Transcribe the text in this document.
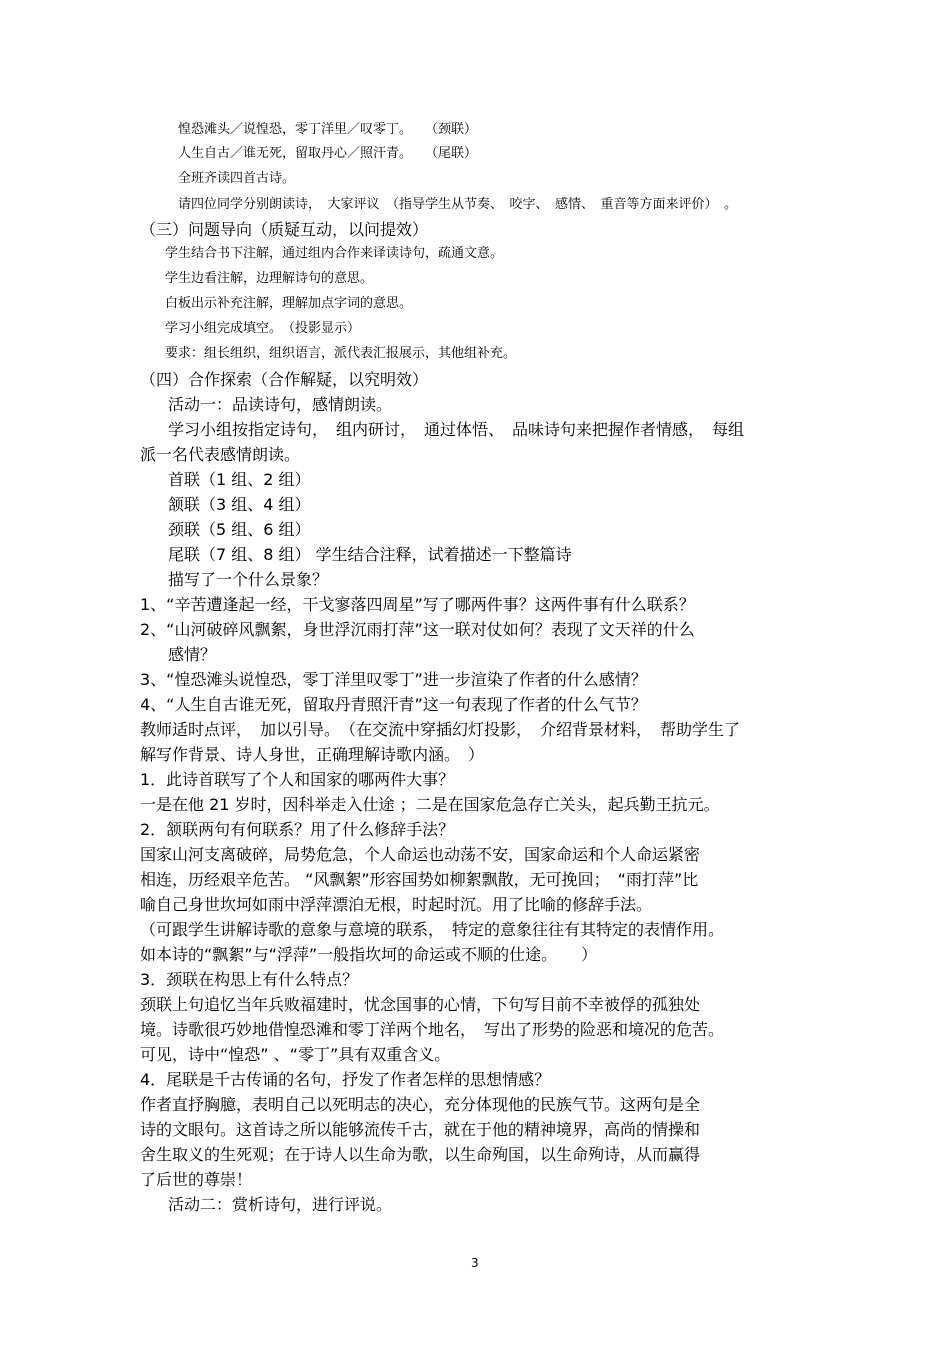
惶恐滩头／说惶恐，零丁洋里／叹零丁。　　（颈联）
人生自古／谁无死，留取丹心／照汗青。　　（尾联）
全班齐读四首古诗。
请四位同学分别朗读诗，　大家评议　（指导学生从节奏、　咬字、　感情、　重音等方面来评价）　。
（三）问题导向（质疑互动，以问提效）
学生结合书下注解，通过组内合作来译读诗句，疏通文意。
学生边看注解，边理解诗句的意思。
白板出示补充注解，理解加点字词的意思。
学习小组完成填空。　（投影显示）
要求：组长组织，组织语言，派代表汇报展示，其他组补充。
（四）合作探索（合作解疑，以究明效）
活动一：品读诗句，感情朗读。
学习小组按指定诗句，　组内研讨，　通过体悟、　品味诗句来把握作者情感，　每组
派一名代表感情朗读。
首联（1 组、2 组）
颔联（3 组、4 组）
颈联（5 组、6 组）
尾联（7 组、8 组） 学生结合注释，试着描述一下整篇诗
描写了一个什么景象？
1、“辛苦遭逢起一经，干戈寥落四周星”写了哪两件事？这两件事有什么联系？
2、“山河破碎风飘絮，身世浮沉雨打萍”这一联对仗如何？表现了文天祥的什么
感情？
3、“惶恐滩头说惶恐，零丁洋里叹零丁”进一步渲染了作者的什么感情？
4、“人生自古谁无死，留取丹青照汗青”这一句表现了作者的什么气节？
教师适时点评，　加以引导。　（在交流中穿插幻灯投影，　介绍背景材料，　帮助学生了
解写作背景、诗人身世，正确理解诗歌内涵。　）
1．此诗首联写了个人和国家的哪两件大事？
一是在他 21 岁时，因科举走入仕途 ；二是在国家危急存亡关头，起兵勤王抗元。
2．颔联两句有何联系？用了什么修辞手法？
国家山河支离破碎，局势危急，个人命运也动荡不安，国家命运和个人命运紧密
相连，历经艰辛危苦。 “风飘絮”形容国势如柳絮飘散，无可挽回；　“雨打萍”比
喻自己身世坎坷如雨中浮萍漂泊无根，时起时沉。用了比喻的修辞手法。
（可跟学生讲解诗歌的意象与意境的联系，　特定的意象往往有其特定的表情作用。
如本诗的“飘絮”与“浮萍”一般指坎坷的命运或不顺的仕途。　　）
3．颈联在构思上有什么特点？
颈联上句追忆当年兵败福建时，忧念国事的心情，下句写目前不幸被俘的孤独处
境。诗歌很巧妙地借惶恐滩和零丁洋两个地名，　写出了形势的险恶和境况的危苦。
可见，诗中“惶恐” 、“零丁”具有双重含义。
4．尾联是千古传诵的名句，抒发了作者怎样的思想情感？
作者直抒胸臆，表明自己以死明志的决心，充分体现他的民族气节。这两句是全
诗的文眼句。这首诗之所以能够流传千古，就在于他的精神境界，高尚的情操和
舍生取义的生死观；在于诗人以生命为歌，以生命殉国，以生命殉诗，从而赢得
了后世的尊崇！
活动二：赏析诗句，进行评说。
3
